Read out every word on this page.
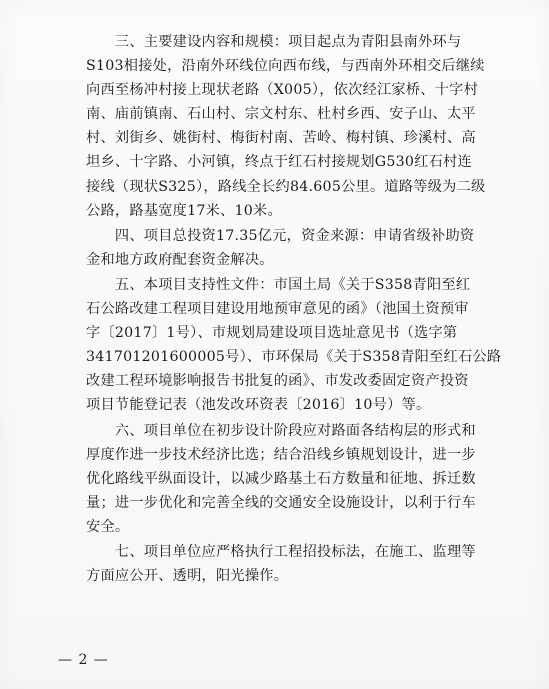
　　三、主要建设内容和规模：项目起点为青阳县南外环与
S103相接处，沿南外环线位向西布线，与西南外环相交后继续
向西至杨冲村接上现状老路（X005），依次经江家桥、十字村
南、庙前镇南、石山村、宗文村东、杜村乡西、安子山、太平
村、刘街乡、姚街村、梅街村南、苦岭、梅村镇、珍溪村、高
坦乡、十字路、小河镇，终点于红石村接规划G530红石村连
接线（现状S325），路线全长约84.605公里。道路等级为二级
公路，路基宽度17米、10米。
　　四、项目总投资17.35亿元，资金来源：申请省级补助资
金和地方政府配套资金解决。
　　五、本项目支持性文件：市国土局《关于S358青阳至红
石公路改建工程项目建设用地预审意见的函》（池国土资预审
字〔2017〕1号）、市规划局建设项目选址意见书（选字第
341701201600005号）、市环保局《关于S358青阳至红石公路
改建工程环境影响报告书批复的函》、市发改委固定资产投资
项目节能登记表（池发改环资表〔2016〕10号）等。
　　六、项目单位在初步设计阶段应对路面各结构层的形式和
厚度作进一步技术经济比选；结合沿线乡镇规划设计，进一步
优化路线平纵面设计，以减少路基土石方数量和征地、拆迁数
量；进一步优化和完善全线的交通安全设施设计，以利于行车
安全。
　　七、项目单位应严格执行工程招投标法，在施工、监理等
方面应公开、透明，阳光操作。
— 2 —
